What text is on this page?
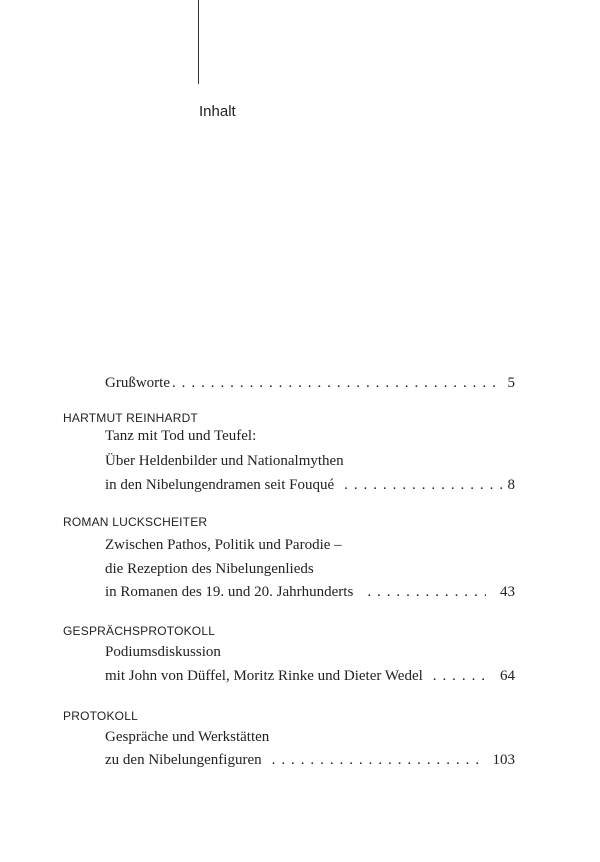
Inhalt
Grußworte . . .	5
HARTMUT REINHARDT
Tanz mit Tod und Teufel:
Über Heldenbilder und Nationalmythen
in den Nibelungendramen seit Fouqué . . .	8
ROMAN LUCKSCHEITER
Zwischen Pathos, Politik und Parodie –
die Rezeption des Nibelungenlieds
in Romanen des 19. und 20. Jahrhunderts . . .	43
GESPRÄCHSPROTOKOLL
Podiumsdiskussion
mit John von Düffel, Moritz Rinke und Dieter Wedel . . .	64
PROTOKOLL
Gespräche und Werkstätten
zu den Nibelungenfiguren . . .	103
